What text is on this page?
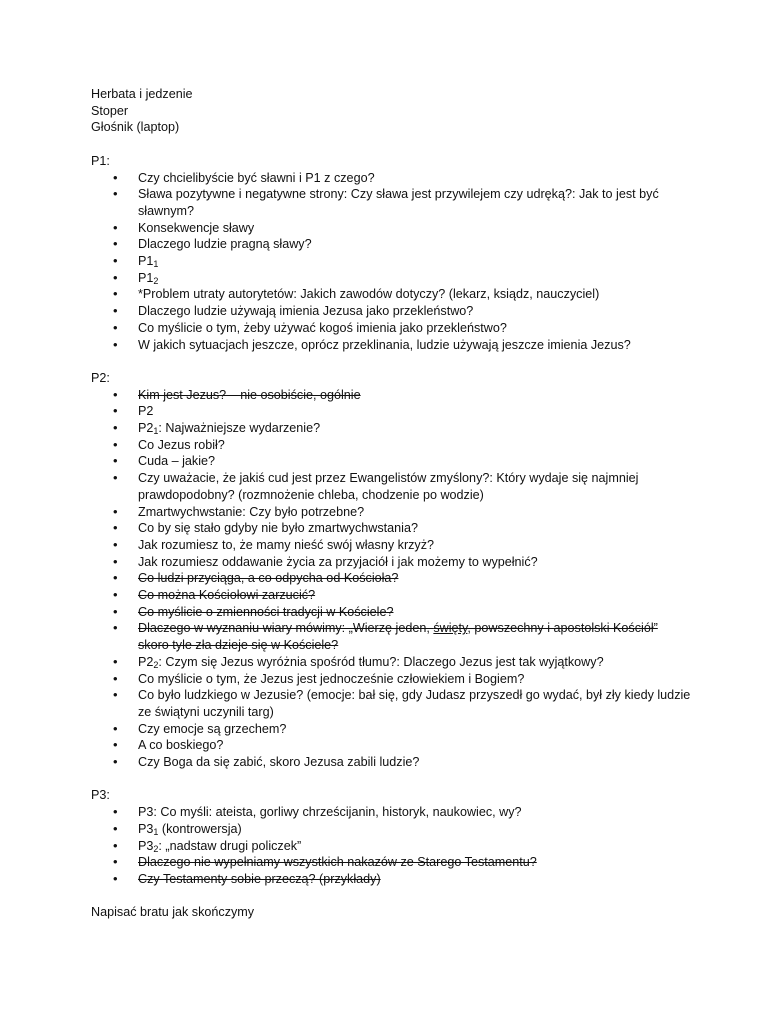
Herbata i jedzenie
Stoper
Głośnik (laptop)
P1:
• Czy chcielibyście być sławni i P1 z czego?
• Sława pozytywne i negatywne strony: Czy sława jest przywilejem czy udręką?: Jak to jest być sławnym?
• Konsekwencje sławy
• Dlaczego ludzie pragną sławy?
• $P1_1$
• $P1_2$
• *Problem utraty autorytetów: Jakich zawodów dotyczy? (lekarz, ksiądz, nauczyciel)
• Dlaczego ludzie używają imienia Jezusa jako przekleństwo?
• Co myślicie o tym, żeby używać kogoś imienia jako przekleństwo?
• W jakich sytuacjach jeszcze, oprócz przeklinania, ludzie używają jeszcze imienia Jezus?
P2:
• Kim jest Jezus? – nie osobiście, ogólnie
• P2
• $P2_1$: Najważniejsze wydarzenie?
• Co Jezus robił?
• Cuda – jakie?
• Czy uważacie, że jakiś cud jest przez Ewangelistów zmyślony?: Który wydaje się najmniej prawdopodobny? (rozmnożenie chleba, chodzenie po wodzie)
• Zmartwychwstanie: Czy było potrzebne?
• Co by się stało gdyby nie było zmartwychwstania?
• Jak rozumiesz to, że mamy nieść swój własny krzyż?
• Jak rozumiesz oddawanie życia za przyjaciół i jak możemy to wypełnić?
• Co ludzi przyciąga, a co odpycha od Kościoła?
• Co można Kościołowi zarzucić?
• Co myślicie o zmienności tradycji w Kościele?
• Dlaczego w wyznaniu wiary mówimy: „Wierzę jeden, święty, powszechny i apostolski Kościół” skoro tyle zła dzieje się w Kościele?
• $P2_2$: Czym się Jezus wyróżnia spośród tłumu?: Dlaczego Jezus jest tak wyjątkowy?
• Co myślicie o tym, że Jezus jest jednocześnie człowiekiem i Bogiem?
• Co było ludzkiego w Jezusie? (emocje: bał się, gdy Judasz przyszedł go wydać, był zły kiedy ludzie ze świątyni uczynili targ)
• Czy emocje są grzechem?
• A co boskiego?
• Czy Boga da się zabić, skoro Jezusa zabili ludzie?
P3:
• P3: Co myśli: ateista, gorliwy chrześcijanin, historyk, naukowiec, wy?
• $P3_1$ (kontrowersja)
• $P3_2$: „nadstaw drugi policzek”
• Dlaczego nie wypełniamy wszystkich nakazów ze Starego Testamentu?
• Czy Testamenty sobie przeczą? (przykłady)
Napisać bratu jak skończymy
